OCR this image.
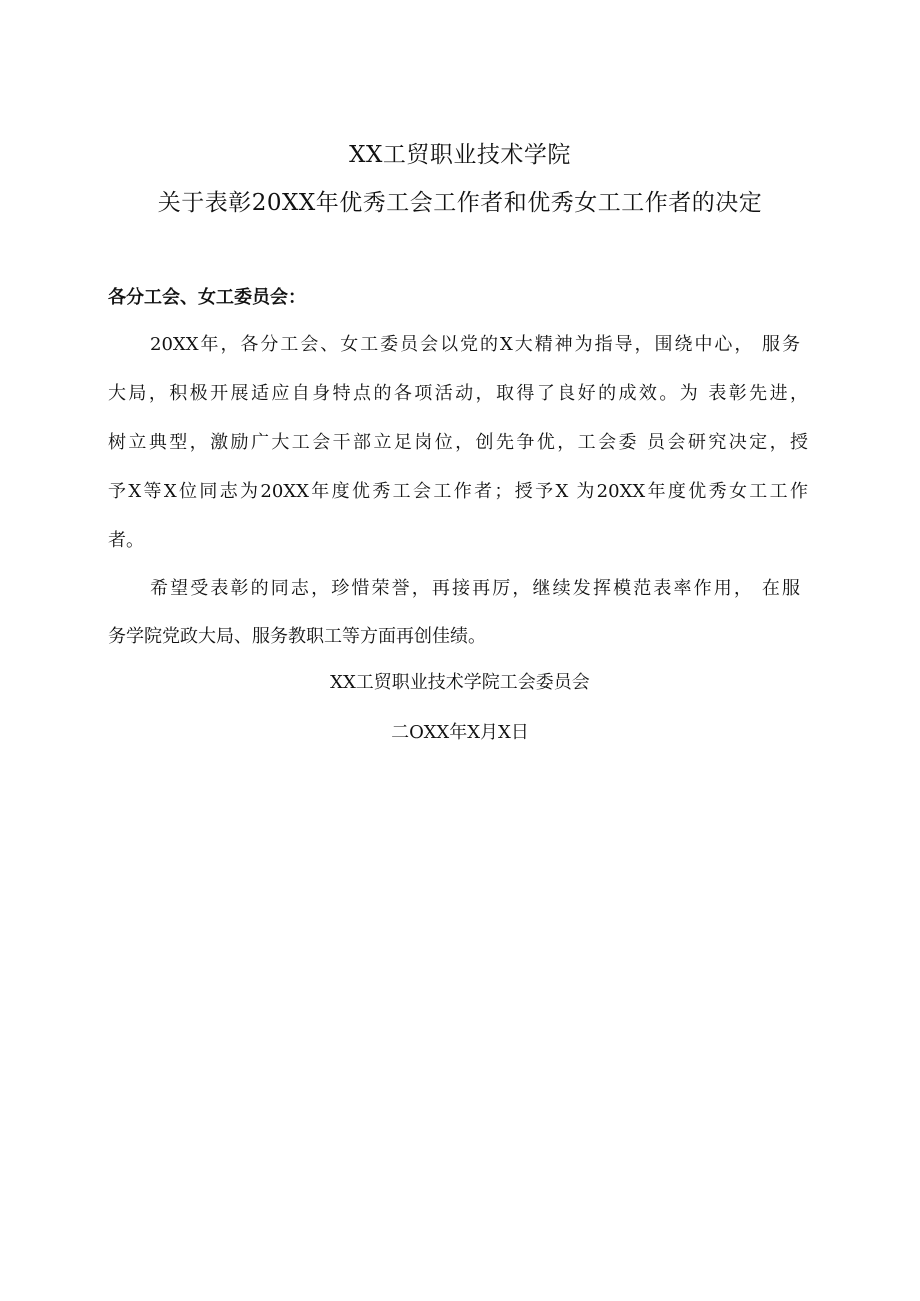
XX工贸职业技术学院
关于表彰20XX年优秀工会工作者和优秀女工工作者的决定
各分工会、女工委员会：
20XX年，各分工会、女工委员会以党的X大精神为指导，围绕中心， 服务
大局，积极开展适应自身特点的各项活动，取得了良好的成效。为 表彰先进，
树立典型，激励广大工会干部立足岗位，创先争优，工会委 员会研究决定，授
予X等X位同志为20XX年度优秀工会工作者；授予X 为20XX年度优秀女工工作
者。
希望受表彰的同志，珍惜荣誉，再接再厉，继续发挥模范表率作用， 在服
务学院党政大局、服务教职工等方面再创佳绩。
XX工贸职业技术学院工会委员会
二OXX年X月X日
